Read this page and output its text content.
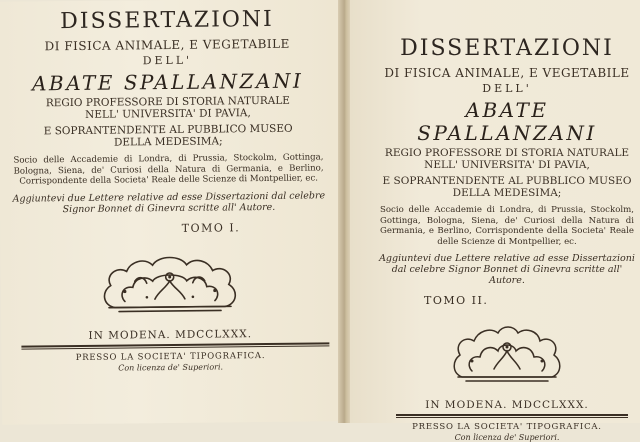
DISSERTAZIONI

DI FISICA ANIMALE, E VEGETABILE

DELL'

ABATE SPALLANZANI

REGIO PROFESSORE DI STORIA NATURALE

NELL' UNIVERSITA' DI PAVIA,

E SOPRANTENDENTE AL PUBBLICO MUSEO

DELLA MEDESIMA;

Socio delle Accademie di Londra, di Prussia, Stockolm, Gottinga, Bologna, Siena, de' Curiosi della Natura di Germania, e Berlino, Corrispondente della Societa' Reale delle Scienze di Montpellier, ec.

Aggiuntevi due Lettere relative ad esse Dissertazioni dal celebre Signor Bonnet di Ginevra scritte all' Autore.

TOMO I.

IN MODENA. MDCCLXXX.

PRESSO LA SOCIETA' TIPOGRAFICA.

Con licenza de' Superiori.

DISSERTAZIONI

DI FISICA ANIMALE, E VEGETABILE

DELL'

ABATE SPALLANZANI

REGIO PROFESSORE DI STORIA NATURALE

NELL' UNIVERSITA' DI PAVIA,

E SOPRANTENDENTE AL PUBBLICO MUSEO

DELLA MEDESIMA;

Socio delle Accademie di Londra, di Prussia, Stockolm, Gottinga, Bologna, Siena, de' Curiosi della Natura di Germania, e Berlino, Corrispondente della Societa' Reale delle Scienze di Montpellier, ec.

Aggiuntevi due Lettere relative ad esse Dissertazioni dal celebre Signor Bonnet di Ginevra scritte all' Autore.

TOMO II.

IN MODENA. MDCCLXXX.

PRESSO LA SOCIETA' TIPOGRAFICA.

Con licenza de' Superiori.
